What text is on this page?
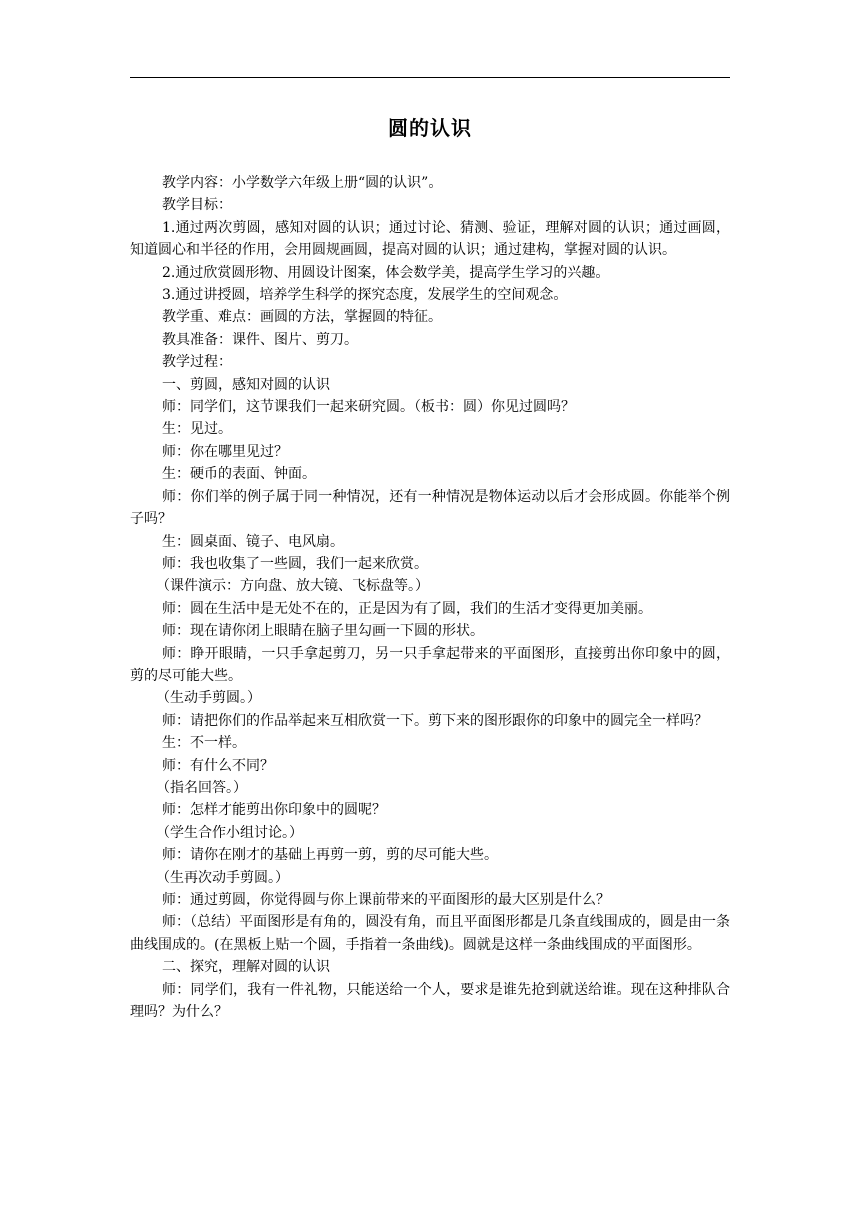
圆的认识

教学内容：小学数学六年级上册“圆的认识”。

教学目标：

1.通过两次剪圆，感知对圆的认识；通过讨论、猜测、验证，理解对圆的认识；通过画圆，知道圆心和半径的作用，会用圆规画圆，提高对圆的认识；通过建构，掌握对圆的认识。

2.通过欣赏圆形物、用圆设计图案，体会数学美，提高学生学习的兴趣。

3.通过讲授圆，培养学生科学的探究态度，发展学生的空间观念。

教学重、难点：画圆的方法，掌握圆的特征。

教具准备：课件、图片、剪刀。

教学过程：

一、剪圆，感知对圆的认识

师：同学们，这节课我们一起来研究圆。（板书：圆）你见过圆吗？

生：见过。

师：你在哪里见过？

生：硬币的表面、钟面。

师：你们举的例子属于同一种情况，还有一种情况是物体运动以后才会形成圆。你能举个例子吗？

生：圆桌面、镜子、电风扇。

师：我也收集了一些圆，我们一起来欣赏。

（课件演示：方向盘、放大镜、飞标盘等。）

师：圆在生活中是无处不在的，正是因为有了圆，我们的生活才变得更加美丽。

师：现在请你闭上眼睛在脑子里勾画一下圆的形状。

师：睁开眼睛，一只手拿起剪刀，另一只手拿起带来的平面图形，直接剪出你印象中的圆，剪的尽可能大些。

（生动手剪圆。）

师：请把你们的作品举起来互相欣赏一下。剪下来的图形跟你的印象中的圆完全一样吗？

生：不一样。

师：有什么不同？

（指名回答。）

师：怎样才能剪出你印象中的圆呢？

（学生合作小组讨论。）

师：请你在刚才的基础上再剪一剪，剪的尽可能大些。

（生再次动手剪圆。）

师：通过剪圆，你觉得圆与你上课前带来的平面图形的最大区别是什么？

师：（总结）平面图形是有角的，圆没有角，而且平面图形都是几条直线围成的，圆是由一条曲线围成的。(在黑板上贴一个圆，手指着一条曲线)。圆就是这样一条曲线围成的平面图形。

二、探究，理解对圆的认识

师：同学们，我有一件礼物，只能送给一个人，要求是谁先抢到就送给谁。现在这种排队合理吗？为什么？
